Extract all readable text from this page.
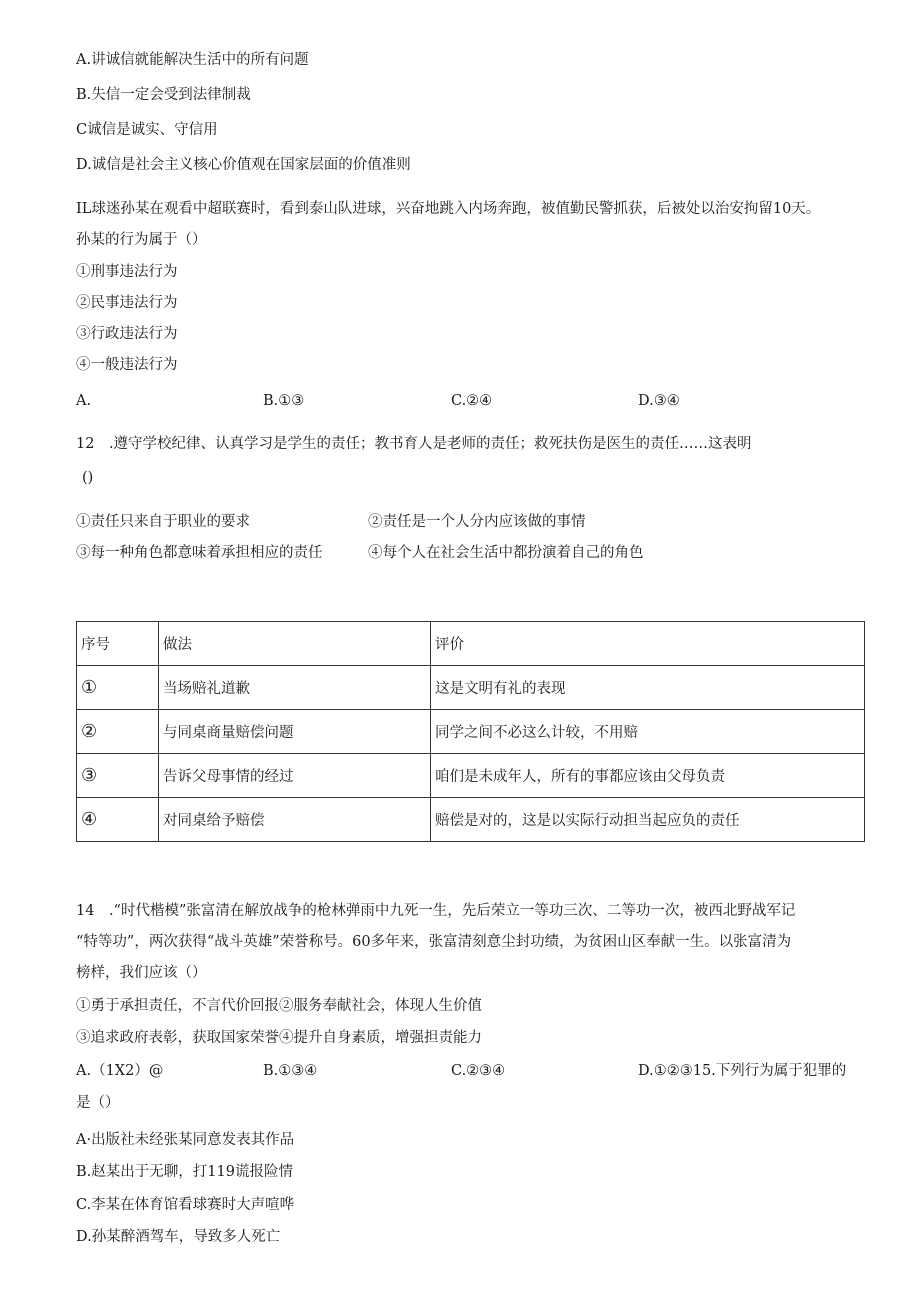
A.讲诚信就能解决生活中的所有问题
B.失信一定会受到法律制裁
C诚信是诚实、守信用
D.诚信是社会主义核心价值观在国家层面的价值准则
IL球迷孙某在观看中超联赛时，看到泰山队进球，兴奋地跳入内场奔跑，被值勤民警抓获，后被处以治安拘留10天。
孙某的行为属于（）
①刑事违法行为
②民事违法行为
③行政违法行为
④一般违法行为
A.	B.①③	C.②④	D.③④
12　.遵守学校纪律、认真学习是学生的责任；教书育人是老师的责任；救死扶伤是医生的责任……这表明
()
①责任只来自于职业的要求	②责任是一个人分内应该做的事情
③每一种角色都意味着承担相应的责任	④每个人在社会生活中都扮演着自己的角色
序号	做法	评价
①	当场赔礼道歉	这是文明有礼的表现
②	与同桌商量赔偿问题	同学之间不必这么计较，不用赔
③	告诉父母事情的经过	咱们是未成年人，所有的事都应该由父母负责
④	对同桌给予赔偿	赔偿是对的，这是以实际行动担当起应负的责任
14　.“时代楷模”张富清在解放战争的枪林弹雨中九死一生，先后荣立一等功三次、二等功一次，被西北野战军记
“特等功”，两次获得“战斗英雄”荣誉称号。60多年来，张富清刻意尘封功绩，为贫困山区奉献一生。以张富清为
榜样，我们应该（）
①勇于承担责任，不言代价回报②服务奉献社会，体现人生价值
③追求政府表彰，获取国家荣誉④提升自身素质，增强担责能力
A.（1X2）@	B.①③④	C.②③④	D.①②③15.下列行为属于犯罪的
是（）
A·出版社未经张某同意发表其作品
B.赵某出于无聊，打119谎报险情
C.李某在体育馆看球赛时大声喧哗
D.孙某醉酒驾车，导致多人死亡
